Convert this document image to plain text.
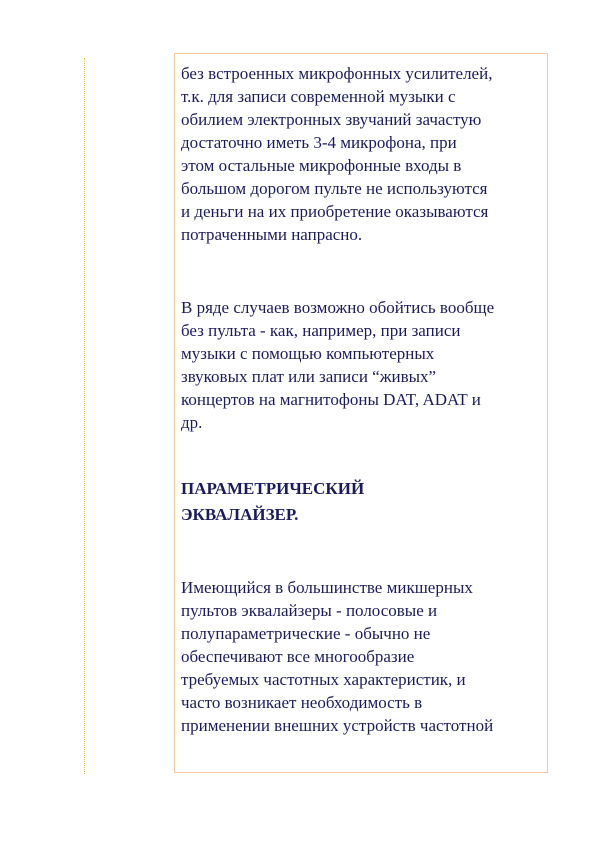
без встроенных микрофонных усилителей,
т.к. для записи современной музыки с
обилием электронных звучаний зачастую
достаточно иметь 3-4 микрофона, при
этом остальные микрофонные входы в
большом дорогом пульте не используются
и деньги на их приобретение оказываются
потраченными напрасно.

В ряде случаев возможно обойтись вообще
без пульта - как, например, при записи
музыки с помощью компьютерных
звуковых плат или записи “живых”
концертов на магнитофоны DAT, ADAT и
др.

ПАРАМЕТРИЧЕСКИЙ
ЭКВАЛАЙЗЕР.

Имеющийся в большинстве микшерных
пультов эквалайзеры - полосовые и
полупараметрические - обычно не
обеспечивают все многообразие
требуемых частотных характеристик, и
часто возникает необходимость в
применении внешних устройств частотной
